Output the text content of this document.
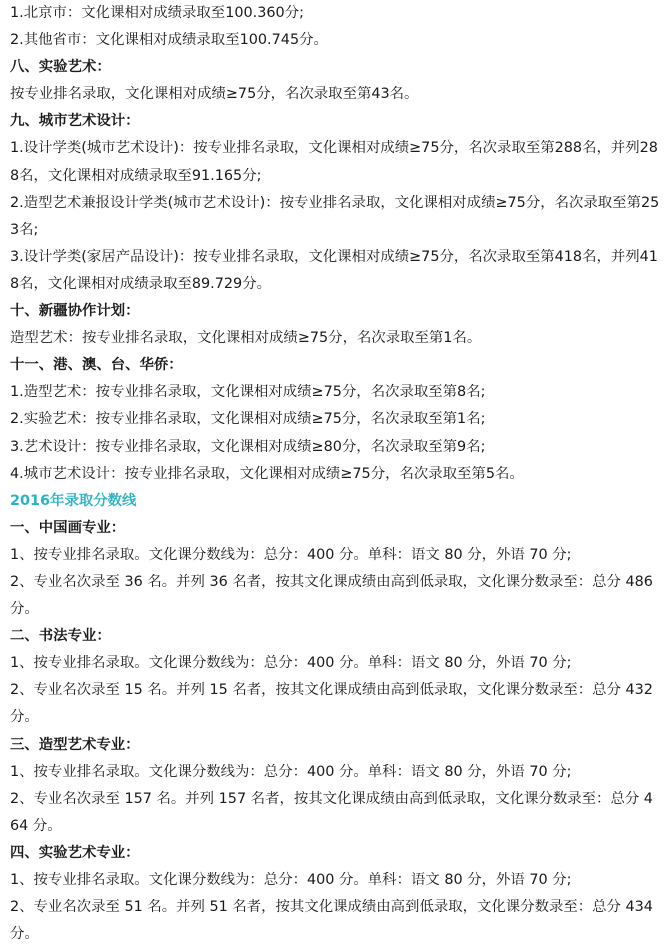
1.北京市：文化课相对成绩录取至100.360分;

2.其他省市：文化课相对成绩录取至100.745分。

八、实验艺术：

按专业排名录取，文化课相对成绩≥75分，名次录取至第43名。

九、城市艺术设计：

1.设计学类(城市艺术设计)：按专业排名录取，文化课相对成绩≥75分，名次录取至第288名，并列288名，文化课相对成绩录取至91.165分;

2.造型艺术兼报设计学类(城市艺术设计)：按专业排名录取，文化课相对成绩≥75分，名次录取至第253名;

3.设计学类(家居产品设计)：按专业排名录取，文化课相对成绩≥75分，名次录取至第418名，并列418名，文化课相对成绩录取至89.729分。

十、新疆协作计划：

造型艺术：按专业排名录取，文化课相对成绩≥75分，名次录取至第1名。

十一、港、澳、台、华侨：

1.造型艺术：按专业排名录取，文化课相对成绩≥75分，名次录取至第8名;

2.实验艺术：按专业排名录取，文化课相对成绩≥75分，名次录取至第1名;

3.艺术设计：按专业排名录取，文化课相对成绩≥80分，名次录取至第9名;

4.城市艺术设计：按专业排名录取，文化课相对成绩≥75分，名次录取至第5名。

2016年录取分数线

一、中国画专业：

1、按专业排名录取。文化课分数线为：总分：400 分。单科：语文 80 分，外语 70 分;

2、专业名次录至 36 名。并列 36 名者，按其文化课成绩由高到低录取，文化课分数录至：总分 486 分。

二、书法专业：

1、按专业排名录取。文化课分数线为：总分：400 分。单科：语文 80 分，外语 70 分;

2、专业名次录至 15 名。并列 15 名者，按其文化课成绩由高到低录取，文化课分数录至：总分 432 分。

三、造型艺术专业：

1、按专业排名录取。文化课分数线为：总分：400 分。单科：语文 80 分，外语 70 分;

2、专业名次录至 157 名。并列 157 名者，按其文化课成绩由高到低录取，文化课分数录至：总分 464 分。

四、实验艺术专业：

1、按专业排名录取。文化课分数线为：总分：400 分。单科：语文 80 分，外语 70 分;

2、专业名次录至 51 名。并列 51 名者，按其文化课成绩由高到低录取，文化课分数录至：总分 434 分。
